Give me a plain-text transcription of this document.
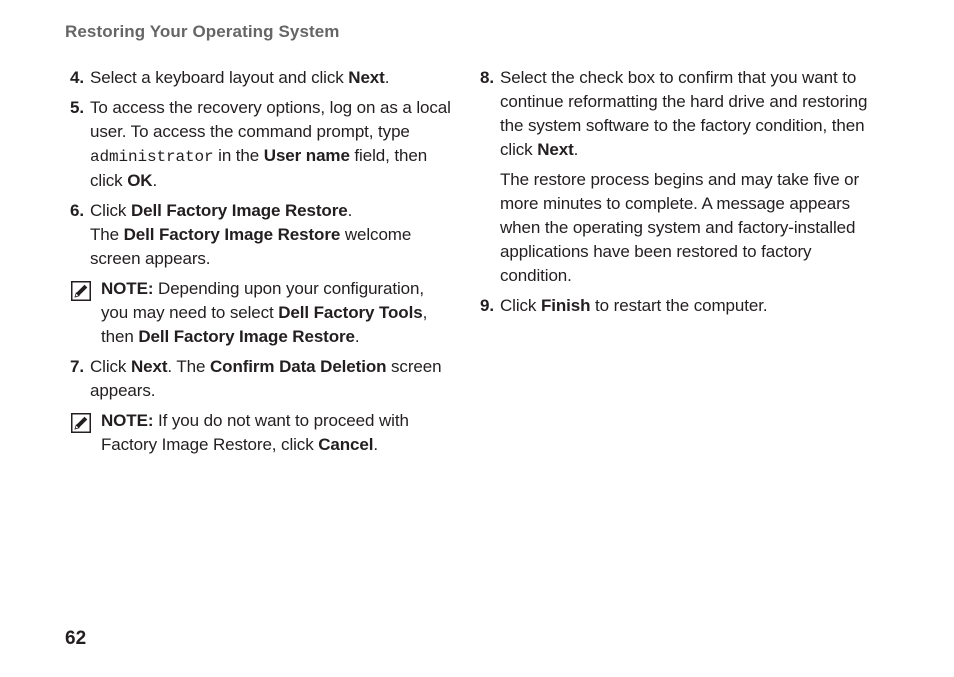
Restoring Your Operating System
4. Select a keyboard layout and click Next.

5. To access the recovery options, log on as a local user. To access the command prompt, type administrator in the User name field, then click OK.

6. Click Dell Factory Image Restore.
The Dell Factory Image Restore welcome screen appears.

NOTE: Depending upon your configuration, you may need to select Dell Factory Tools, then Dell Factory Image Restore.

7. Click Next. The Confirm Data Deletion screen appears.

NOTE: If you do not want to proceed with Factory Image Restore, click Cancel.

8. Select the check box to confirm that you want to continue reformatting the hard drive and restoring the system software to the factory condition, then click Next.

The restore process begins and may take five or more minutes to complete. A message appears when the operating system and factory-installed applications have been restored to factory condition.

9. Click Finish to restart the computer.

62
